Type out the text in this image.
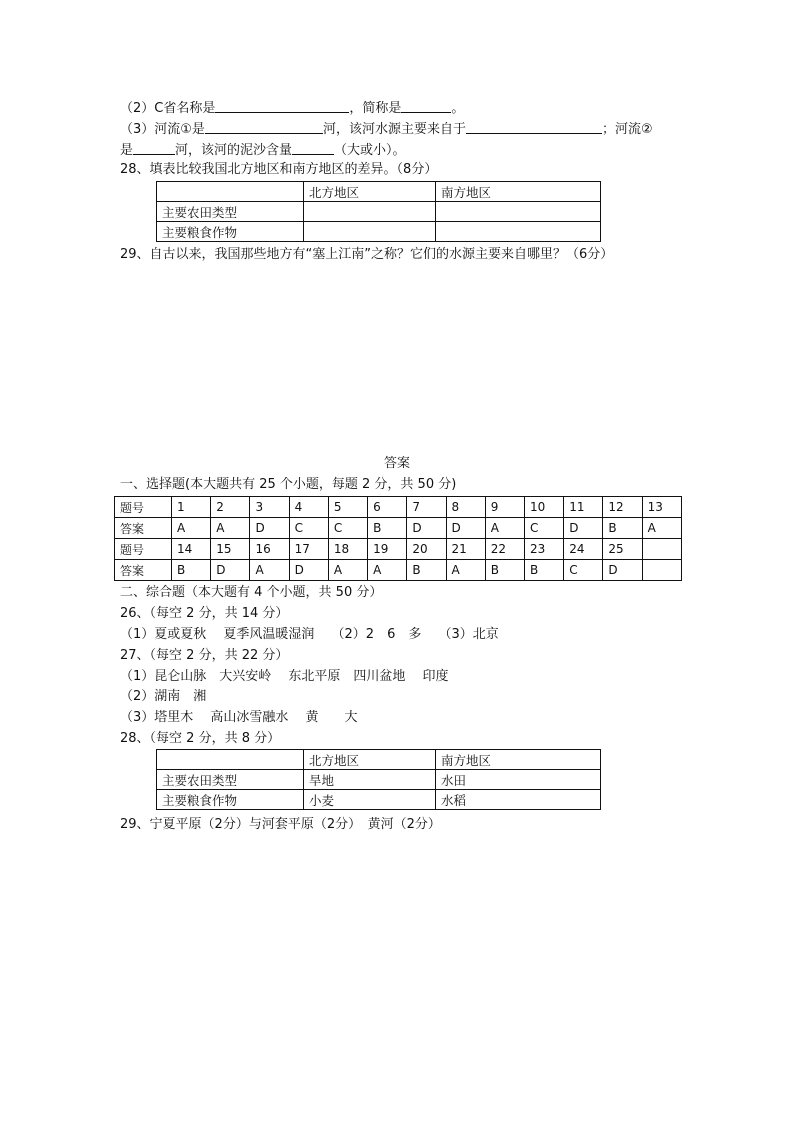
（2）C省名称是	，简称是	。
（3）河流①是	河，该河水源主要来自于	；河流②
是	河，该河的泥沙含量	（大或小）。
28、填表比较我国北方地区和南方地区的差异。（8分）
	北方地区	南方地区
主要农田类型		
主要粮食作物		
29、自古以来，我国那些地方有“塞上江南”之称？它们的水源主要来自哪里？（6分）
答案
一、选择题(本大题共有 25 个小题，每题 2 分，共 50 分)
题号	1	2	3	4	5	6	7	8	9	10	11	12	13
答案	A	A	D	C	C	B	D	D	A	C	D	B	A
题号	14	15	16	17	18	19	20	21	22	23	24	25	
答案	B	D	A	D	A	A	B	A	B	B	C	D	
二、综合题（本大题有 4 个小题，共 50 分）
26、（每空 2 分，共 14 分）
（1）夏或夏秋　 夏季风温暖湿润　 （2）2　6　多　 （3）北京
27、（每空 2 分，共 22 分）
（1）昆仑山脉　大兴安岭　 东北平原　四川盆地　 印度
（2）湖南　湘
（3）塔里木　 高山冰雪融水　 黄　　大
28、（每空 2 分，共 8 分）
	北方地区	南方地区
主要农田类型	旱地	水田
主要粮食作物	小麦	水稻
29、宁夏平原（2分）与河套平原（2分）　黄河（2分）
